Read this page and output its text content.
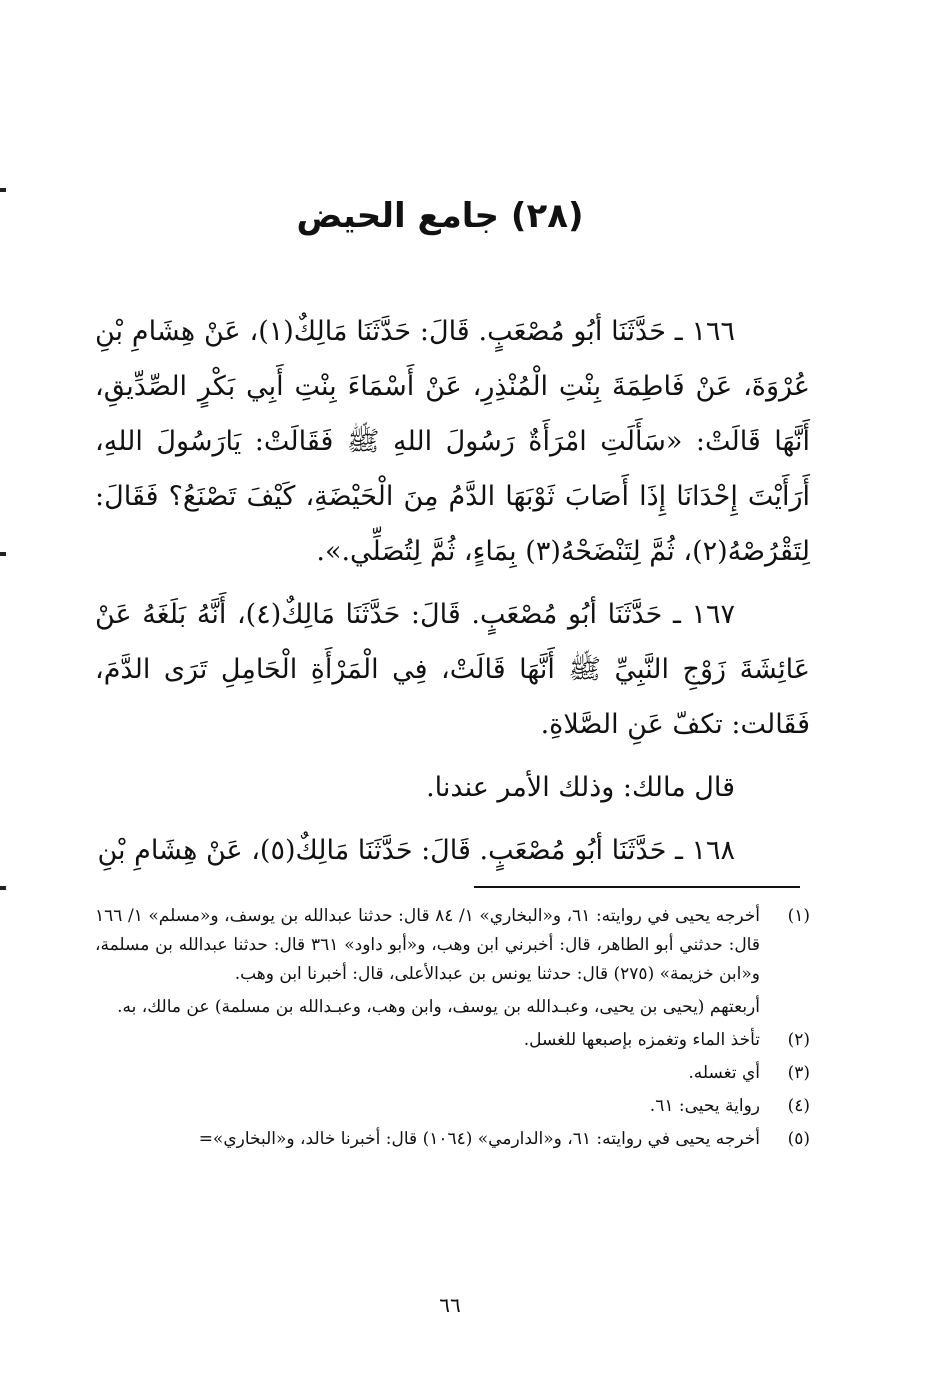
(٢٨) جامع الحيض

١٦٦ ـ حَدَّثَنَا أبُو مُصْعَبٍ. قَالَ: حَدَّثَنَا مَالِكٌ(١)، عَنْ هِشَامِ بْنِ عُرْوَةَ، عَنْ فَاطِمَةَ بِنْتِ الْمُنْذِرِ، عَنْ أَسْمَاءَ بِنْتِ أَبِي بَكْرٍ الصِّدِّيقِ، أَنَّهَا قَالَتْ: «سَأَلَتِ امْرَأَةٌ رَسُولَ اللهِ ﷺ فَقَالَتْ: يَارَسُولَ اللهِ، أَرَأَيْتَ إِحْدَانَا إِذَا أَصَابَ ثَوْبَهَا الدَّمُ مِنَ الْحَيْضَةِ، كَيْفَ تَصْنَعُ؟ فَقَالَ: لِتَقْرُصْهُ(٢)، ثُمَّ لِتَنْضَحْهُ(٣) بِمَاءٍ، ثُمَّ لِتُصَلِّي.».

١٦٧ ـ حَدَّثَنَا أبُو مُصْعَبٍ. قَالَ: حَدَّثَنَا مَالِكٌ(٤)، أَنَّهُ بَلَغَهُ عَنْ عَائِشَةَ زَوْجِ النَّبِيِّ ﷺ أَنَّهَا قَالَتْ، فِي الْمَرْأَةِ الْحَامِلِ تَرَى الدَّمَ، فَقَالت: تكفّ عَنِ الصَّلاةِ.

قال مالك: وذلك الأمر عندنا.

١٦٨ ـ حَدَّثَنَا أبُو مُصْعَبٍ. قَالَ: حَدَّثَنَا مَالِكٌ(٥)، عَنْ هِشَامِ بْنِ

(١)

أخرجه يحيى في روايته: ٦١، و«البخاري» ١/ ٨٤ قال: حدثنا عبدالله بن يوسف، و«مسلم» ١/ ١٦٦ قال: حدثني أبو الطاهر، قال: أخبرني ابن وهب، و«أبو داود» ٣٦١ قال: حدثنا عبدالله بن مسلمة، و«ابن خزيمة» (٢٧٥) قال: حدثنا يونس بن عبدالأعلى، قال: أخبرنا ابن وهب.

أربعتهم (يحيى بن يحيى، وعبـدالله بن يوسف، وابن وهب، وعبـدالله بن مسلمة) عن مالك، به.

(٢)

تأخذ الماء وتغمزه بإصبعها للغسل.

(٣)

أي تغسله.

(٤)

رواية يحيى: ٦١.

(٥)

أخرجه يحيى في روايته: ٦١، و«الدارمي» (١٠٦٤) قال: أخبرنا خالد، و«البخاري»=

٦٦
